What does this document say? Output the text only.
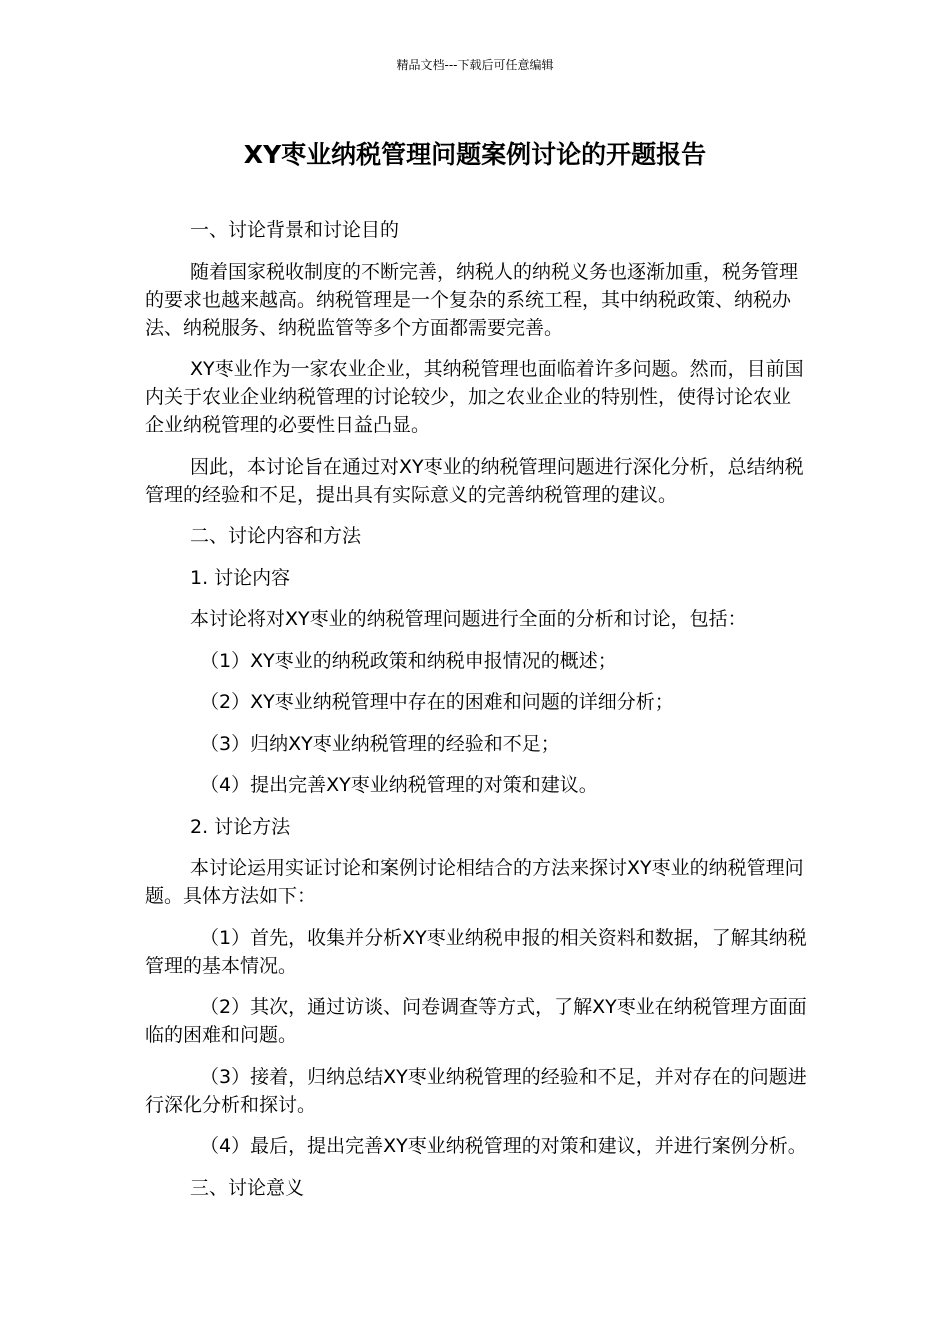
精品文档---下载后可任意编辑
XY枣业纳税管理问题案例讨论的开题报告

一、讨论背景和讨论目的

随着国家税收制度的不断完善，纳税人的纳税义务也逐渐加重，税务管理的要求也越来越高。纳税管理是一个复杂的系统工程，其中纳税政策、纳税办法、纳税服务、纳税监管等多个方面都需要完善。

XY枣业作为一家农业企业，其纳税管理也面临着许多问题。然而，目前国内关于农业企业纳税管理的讨论较少，加之农业企业的特别性，使得讨论农业企业纳税管理的必要性日益凸显。

因此，本讨论旨在通过对XY枣业的纳税管理问题进行深化分析，总结纳税管理的经验和不足，提出具有实际意义的完善纳税管理的建议。

二、讨论内容和方法

1. 讨论内容

本讨论将对XY枣业的纳税管理问题进行全面的分析和讨论，包括：

（1）XY枣业的纳税政策和纳税申报情况的概述；

（2）XY枣业纳税管理中存在的困难和问题的详细分析；

（3）归纳XY枣业纳税管理的经验和不足；

（4）提出完善XY枣业纳税管理的对策和建议。

2. 讨论方法

本讨论运用实证讨论和案例讨论相结合的方法来探讨XY枣业的纳税管理问题。具体方法如下：

（1）首先，收集并分析XY枣业纳税申报的相关资料和数据，了解其纳税管理的基本情况。

（2）其次，通过访谈、问卷调查等方式，了解XY枣业在纳税管理方面面临的困难和问题。

（3）接着，归纳总结XY枣业纳税管理的经验和不足，并对存在的问题进行深化分析和探讨。

（4）最后，提出完善XY枣业纳税管理的对策和建议，并进行案例分析。

三、讨论意义
